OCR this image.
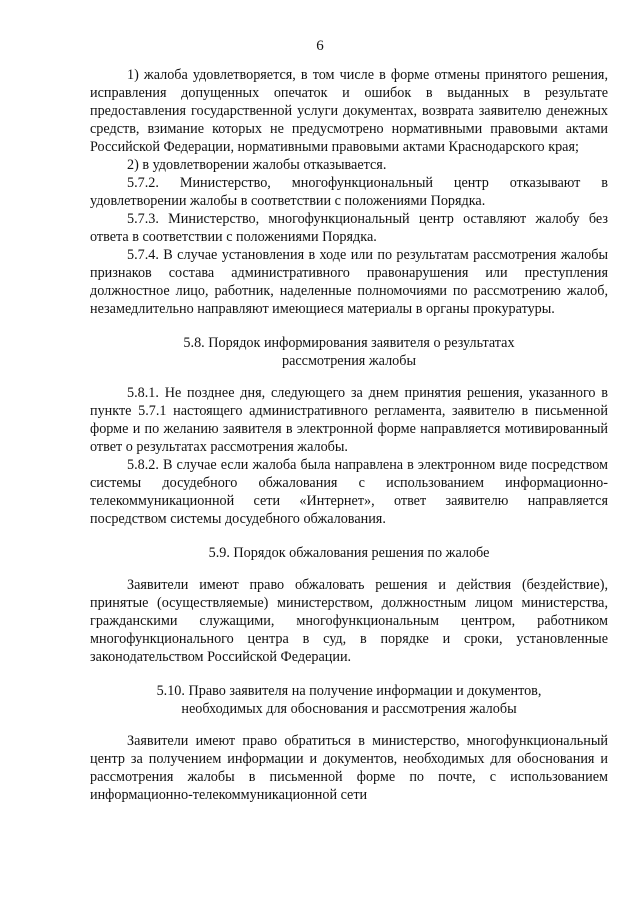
6

1) жалоба удовлетворяется, в том числе в форме отмены принятого решения, исправления допущенных опечаток и ошибок в выданных в результате предоставления государственной услуги документах, возврата заявителю денежных средств, взимание которых не предусмотрено нормативными правовыми актами Российской Федерации, нормативными правовыми актами Краснодарского края;

2) в удовлетворении жалобы отказывается.

5.7.2. Министерство, многофункциональный центр отказывают в удовлетворении жалобы в соответствии с положениями Порядка.

5.7.3. Министерство, многофункциональный центр оставляют жалобу без ответа в соответствии с положениями Порядка.

5.7.4. В случае установления в ходе или по результатам рассмотрения жалобы признаков состава административного правонарушения или преступления должностное лицо, работник, наделенные полномочиями по рассмотрению жалоб, незамедлительно направляют имеющиеся материалы в органы прокуратуры.

5.8. Порядок информирования заявителя о результатах
рассмотрения жалобы

5.8.1. Не позднее дня, следующего за днем принятия решения, указанного в пункте 5.7.1 настоящего административного регламента, заявителю в письменной форме и по желанию заявителя в электронной форме направляется мотивированный ответ о результатах рассмотрения жалобы.

5.8.2. В случае если жалоба была направлена в электронном виде посредством системы досудебного обжалования с использованием информационно-телекоммуникационной сети «Интернет», ответ заявителю направляется посредством системы досудебного обжалования.

5.9. Порядок обжалования решения по жалобе

Заявители имеют право обжаловать решения и действия (бездействие), принятые (осуществляемые) министерством, должностным лицом министерства, гражданскими служащими, многофункциональным центром, работником многофункционального центра в суд, в порядке и сроки, установленные законодательством Российской Федерации.

5.10. Право заявителя на получение информации и документов,
необходимых для обоснования и рассмотрения жалобы

Заявители имеют право обратиться в министерство, многофункциональный центр за получением информации и документов, необходимых для обоснования и рассмотрения жалобы в письменной форме по почте, с использованием информационно-телекоммуникационной сети
